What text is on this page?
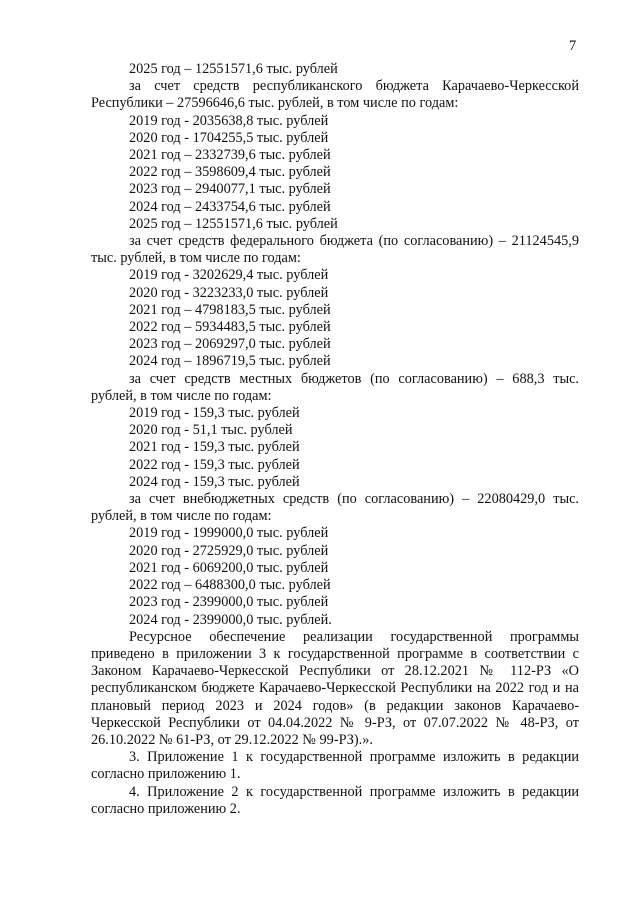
7
2025 год – 12551571,6 тыс. рублей

за счет средств республиканского бюджета Карачаево-Черкесской Республики – 27596646,6 тыс. рублей, в том числе по годам:

2019 год - 2035638,8 тыс. рублей
2020 год - 1704255,5 тыс. рублей
2021 год – 2332739,6 тыс. рублей
2022 год – 3598609,4 тыс. рублей
2023 год – 2940077,1 тыс. рублей
2024 год – 2433754,6 тыс. рублей
2025 год – 12551571,6 тыс. рублей

за счет средств федерального бюджета (по согласованию) – 21124545,9 тыс. рублей, в том числе по годам:

2019 год - 3202629,4 тыс. рублей
2020 год - 3223233,0 тыс. рублей
2021 год – 4798183,5 тыс. рублей
2022 год – 5934483,5 тыс. рублей
2023 год – 2069297,0 тыс. рублей
2024 год – 1896719,5 тыс. рублей

за счет средств местных бюджетов (по согласованию) – 688,3 тыс. рублей, в том числе по годам:

2019 год - 159,3 тыс. рублей
2020 год - 51,1 тыс. рублей
2021 год - 159,3 тыс. рублей
2022 год - 159,3 тыс. рублей
2024 год - 159,3 тыс. рублей

за счет внебюджетных средств (по согласованию) – 22080429,0 тыс. рублей, в том числе по годам:

2019 год - 1999000,0 тыс. рублей
2020 год - 2725929,0 тыс. рублей
2021 год - 6069200,0 тыс. рублей
2022 год – 6488300,0 тыс. рублей
2023 год - 2399000,0 тыс. рублей
2024 год - 2399000,0 тыс. рублей.

Ресурсное обеспечение реализации государственной программы приведено в приложении 3 к государственной программе в соответствии с Законом Карачаево-Черкесской Республики от 28.12.2021 № 112-РЗ «О республиканском бюджете Карачаево-Черкесской Республики на 2022 год и на плановый период 2023 и 2024 годов» (в редакции законов Карачаево-Черкесской Республики от 04.04.2022 № 9-РЗ, от 07.07.2022 № 48-РЗ, от 26.10.2022 № 61-РЗ, от 29.12.2022 № 99-РЗ).».

3. Приложение 1 к государственной программе изложить в редакции согласно приложению 1.

4. Приложение 2 к государственной программе изложить в редакции согласно приложению 2.
